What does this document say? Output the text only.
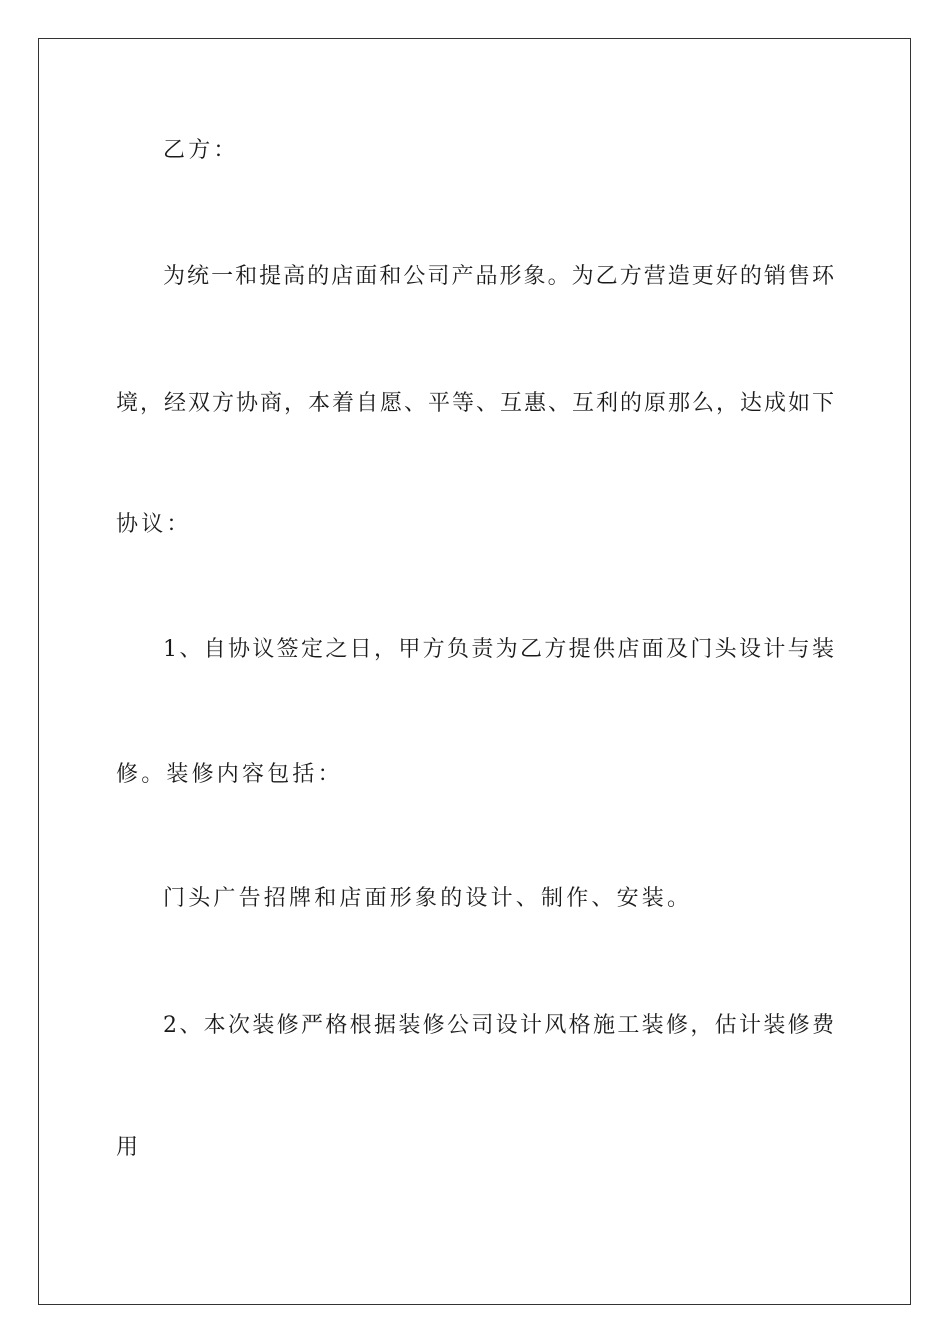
乙方：
为统一和提高的店面和公司产品形象。为乙方营造更好的销售环
境，经双方协商，本着自愿、平等、互惠、互利的原那么，达成如下
协议：
1、自协议签定之日，甲方负责为乙方提供店面及门头设计与装
修。装修内容包括：
门头广告招牌和店面形象的设计、制作、安装。
2、本次装修严格根据装修公司设计风格施工装修，估计装修费
用
